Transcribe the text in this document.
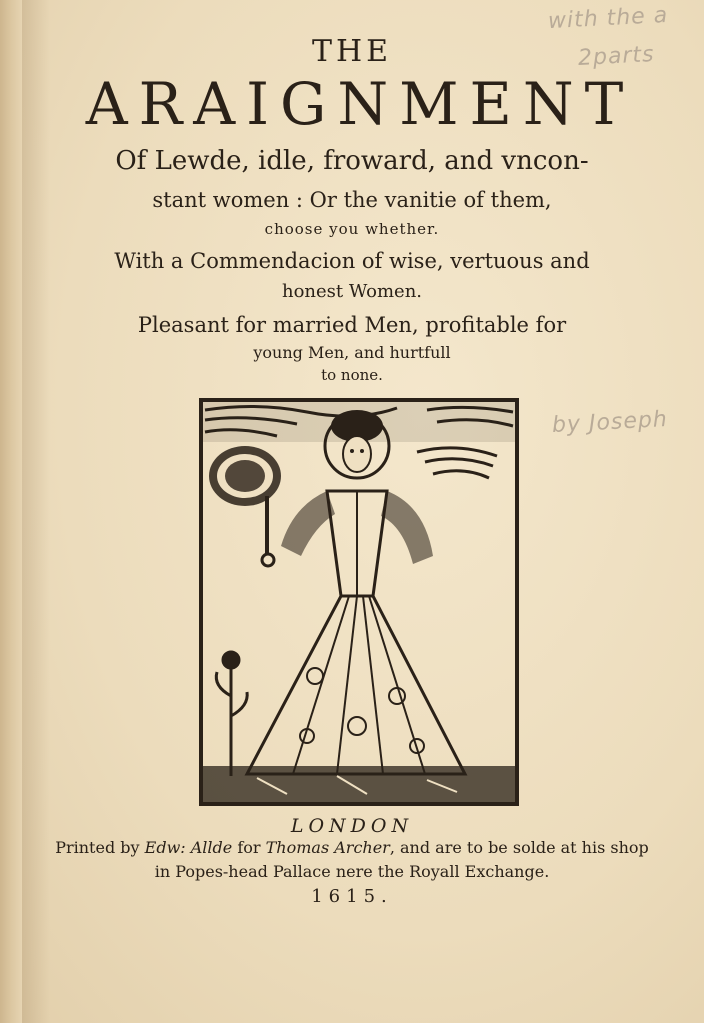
with the a
2parts
by Joseph
THE
ARAIGNMENT
Of Lewde, idle, froward, and vncon-
stant women : Or the vanitie of them,
choose you whether.
With a Commendacion of wise, vertuous and
honest Women.
Pleasant for married Men, profitable for
young Men, and hurtfull
to none.
LONDON
Printed by Edw: Allde for Thomas Archer, and are to be solde at his shop
in Popes-head Pallace nere the Royall Exchange.
1615.
